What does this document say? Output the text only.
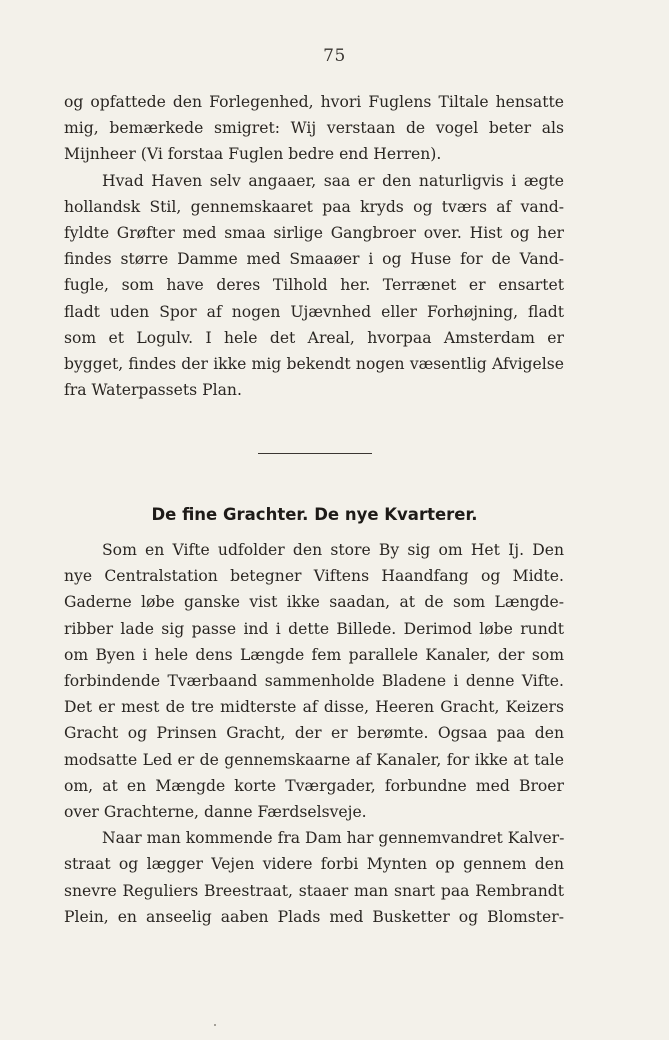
75
og opfattede den Forlegenhed, hvori Fuglens Tiltale hensatte
mig, bemærkede smigret: Wij verstaan de vogel beter als
Mijnheer (Vi forstaa Fuglen bedre end Herren).
Hvad Haven selv angaaer, saa er den naturligvis i ægte
hollandsk Stil, gennemskaaret paa kryds og tværs af vand-
fyldte Grøfter med smaa sirlige Gangbroer over. Hist og her
findes større Damme med Smaaøer i og Huse for de Vand-
fugle, som have deres Tilhold her. Terrænet er ensartet
fladt uden Spor af nogen Ujævnhed eller Forhøjning, fladt
som et Logulv. I hele det Areal, hvorpaa Amsterdam er
bygget, findes der ikke mig bekendt nogen væsentlig Afvigelse
fra Waterpassets Plan.
De fine Grachter. De nye Kvarterer.
Som en Vifte udfolder den store By sig om Het Ij. Den
nye Centralstation betegner Viftens Haandfang og Midte.
Gaderne løbe ganske vist ikke saadan, at de som Længde-
ribber lade sig passe ind i dette Billede. Derimod løbe rundt
om Byen i hele dens Længde fem parallele Kanaler, der som
forbindende Tværbaand sammenholde Bladene i denne Vifte.
Det er mest de tre midterste af disse, Heeren Gracht, Keizers
Gracht og Prinsen Gracht, der er berømte. Ogsaa paa den
modsatte Led er de gennemskaarne af Kanaler, for ikke at tale
om, at en Mængde korte Tværgader, forbundne med Broer
over Grachterne, danne Færdselsveje.
Naar man kommende fra Dam har gennemvandret Kalver-
straat og lægger Vejen videre forbi Mynten op gennem den
snevre Reguliers Breestraat, staaer man snart paa Rembrandt
Plein, en anseelig aaben Plads med Busketter og Blomster-
